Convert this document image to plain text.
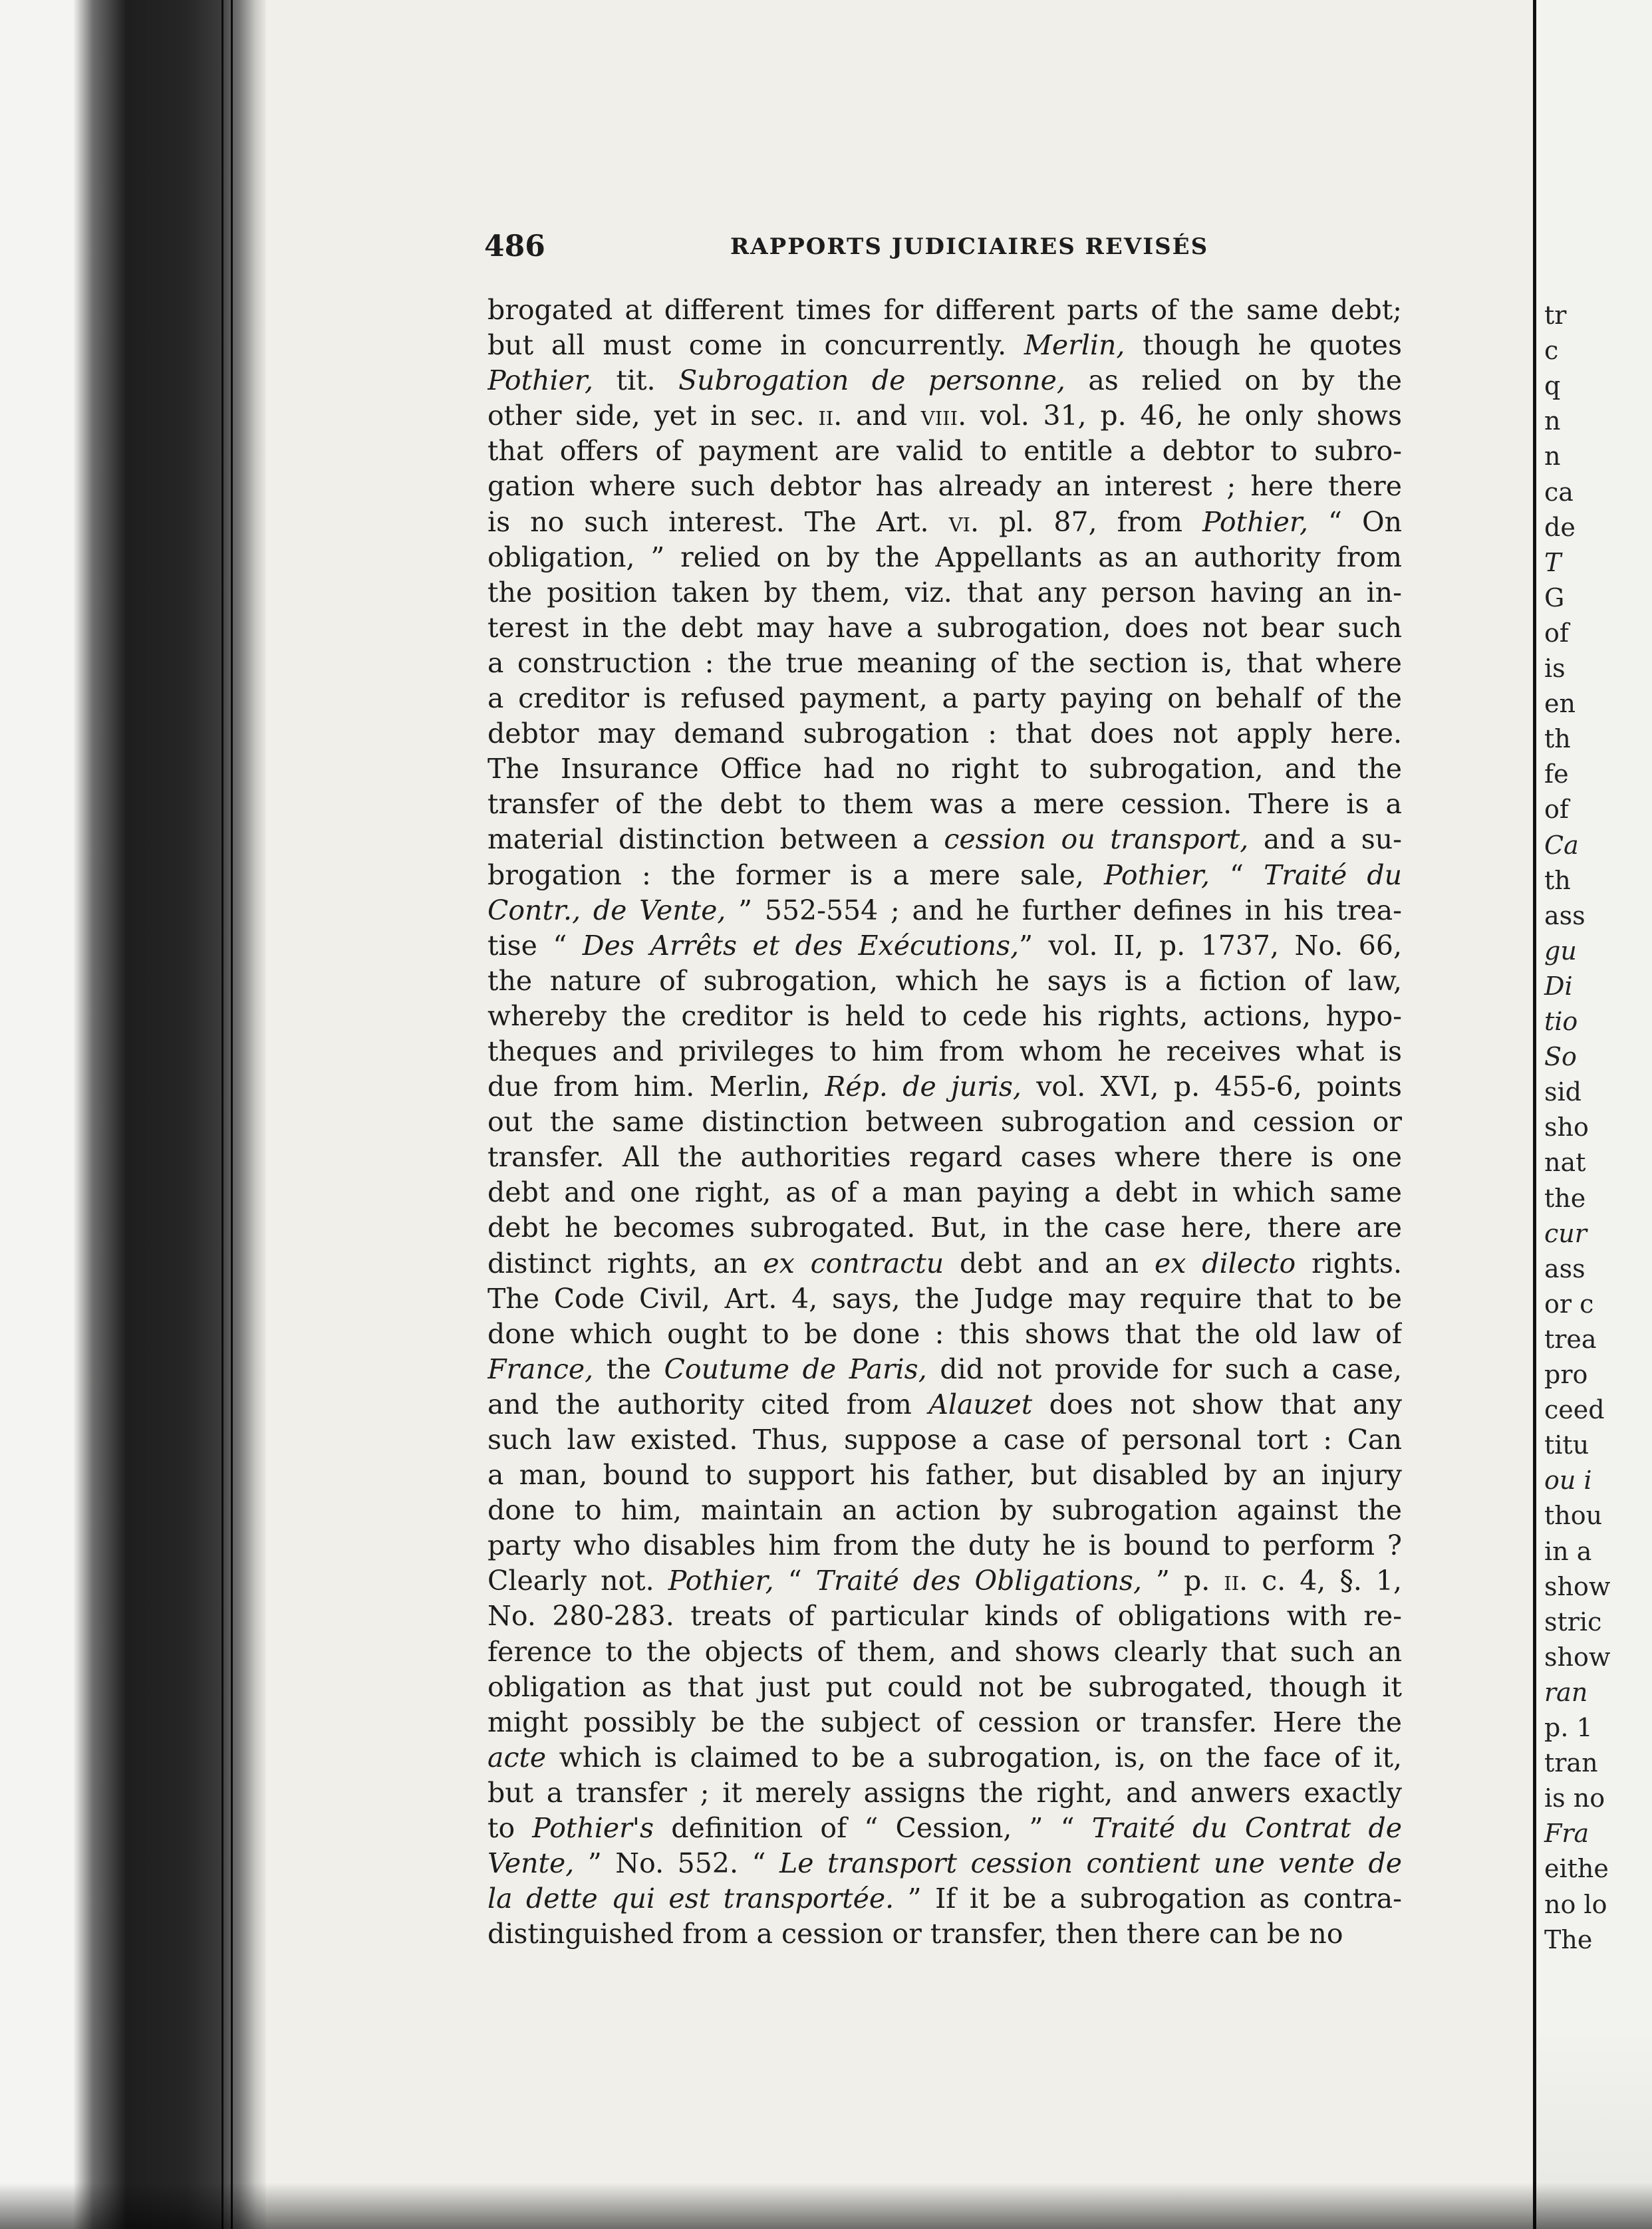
486	RAPPORTS JUDICIAIRES REVISÉS
brogated at different times for different parts of the same debt;
but all must come in concurrently. Merlin, though he quotes
Pothier, tit. Subrogation de personne, as relied on by the
other side, yet in sec. ii. and viii. vol. 31, p. 46, he only shows
that offers of payment are valid to entitle a debtor to subro-
gation where such debtor has already an interest ; here there
is no such interest. The Art. vi. pl. 87, from Pothier, “ On
obligation, ” relied on by the Appellants as an authority from
the position taken by them, viz. that any person having an in-
terest in the debt may have a subrogation, does not bear such
a construction : the true meaning of the section is, that where
a creditor is refused payment, a party paying on behalf of the
debtor may demand subrogation : that does not apply here.
The Insurance Office had no right to subrogation, and the
transfer of the debt to them was a mere cession. There is a
material distinction between a cession ou transport, and a su-
brogation : the former is a mere sale, Pothier, “ Traité du
Contr., de Vente, ” 552-554 ; and he further defines in his trea-
tise “ Des Arrêts et des Exécutions,” vol. II, p. 1737, No. 66,
the nature of subrogation, which he says is a fiction of law,
whereby the creditor is held to cede his rights, actions, hypo-
theques and privileges to him from whom he receives what is
due from him. Merlin, Rép. de juris, vol. XVI, p. 455-6, points
out the same distinction between subrogation and cession or
transfer. All the authorities regard cases where there is one
debt and one right, as of a man paying a debt in which same
debt he becomes subrogated. But, in the case here, there are
distinct rights, an ex contractu debt and an ex dilecto rights.
The Code Civil, Art. 4, says, the Judge may require that to be
done which ought to be done : this shows that the old law of
France, the Coutume de Paris, did not provide for such a case,
and the authority cited from Alauzet does not show that any
such law existed. Thus, suppose a case of personal tort : Can
a man, bound to support his father, but disabled by an injury
done to him, maintain an action by subrogation against the
party who disables him from the duty he is bound to perform ?
Clearly not. Pothier, “ Traité des Obligations, ” p. ii. c. 4, §. 1,
No. 280-283. treats of particular kinds of obligations with re-
ference to the objects of them, and shows clearly that such an
obligation as that just put could not be subrogated, though it
might possibly be the subject of cession or transfer. Here the
acte which is claimed to be a subrogation, is, on the face of it,
but a transfer ; it merely assigns the right, and anwers exactly
to Pothier's definition of “ Cession, ” “ Traité du Contrat de
Vente, ” No. 552. “ Le transport cession contient une vente de
la dette qui est transportée. ” If it be a subrogation as contra-
distinguished from a cession or transfer, then there can be no
tr
c
q
n
n
ca
de
T
G
of
is
en
th
fe
of
Ca
th
ass
gu
Di
tio
So
sid
sho
nat
the
cur
ass
or c
trea
pro
ceed
titu
ou i
thou
in a
show
stric
show
ran
p. 1
tran
is no
Fra
eithe
no lo
The
